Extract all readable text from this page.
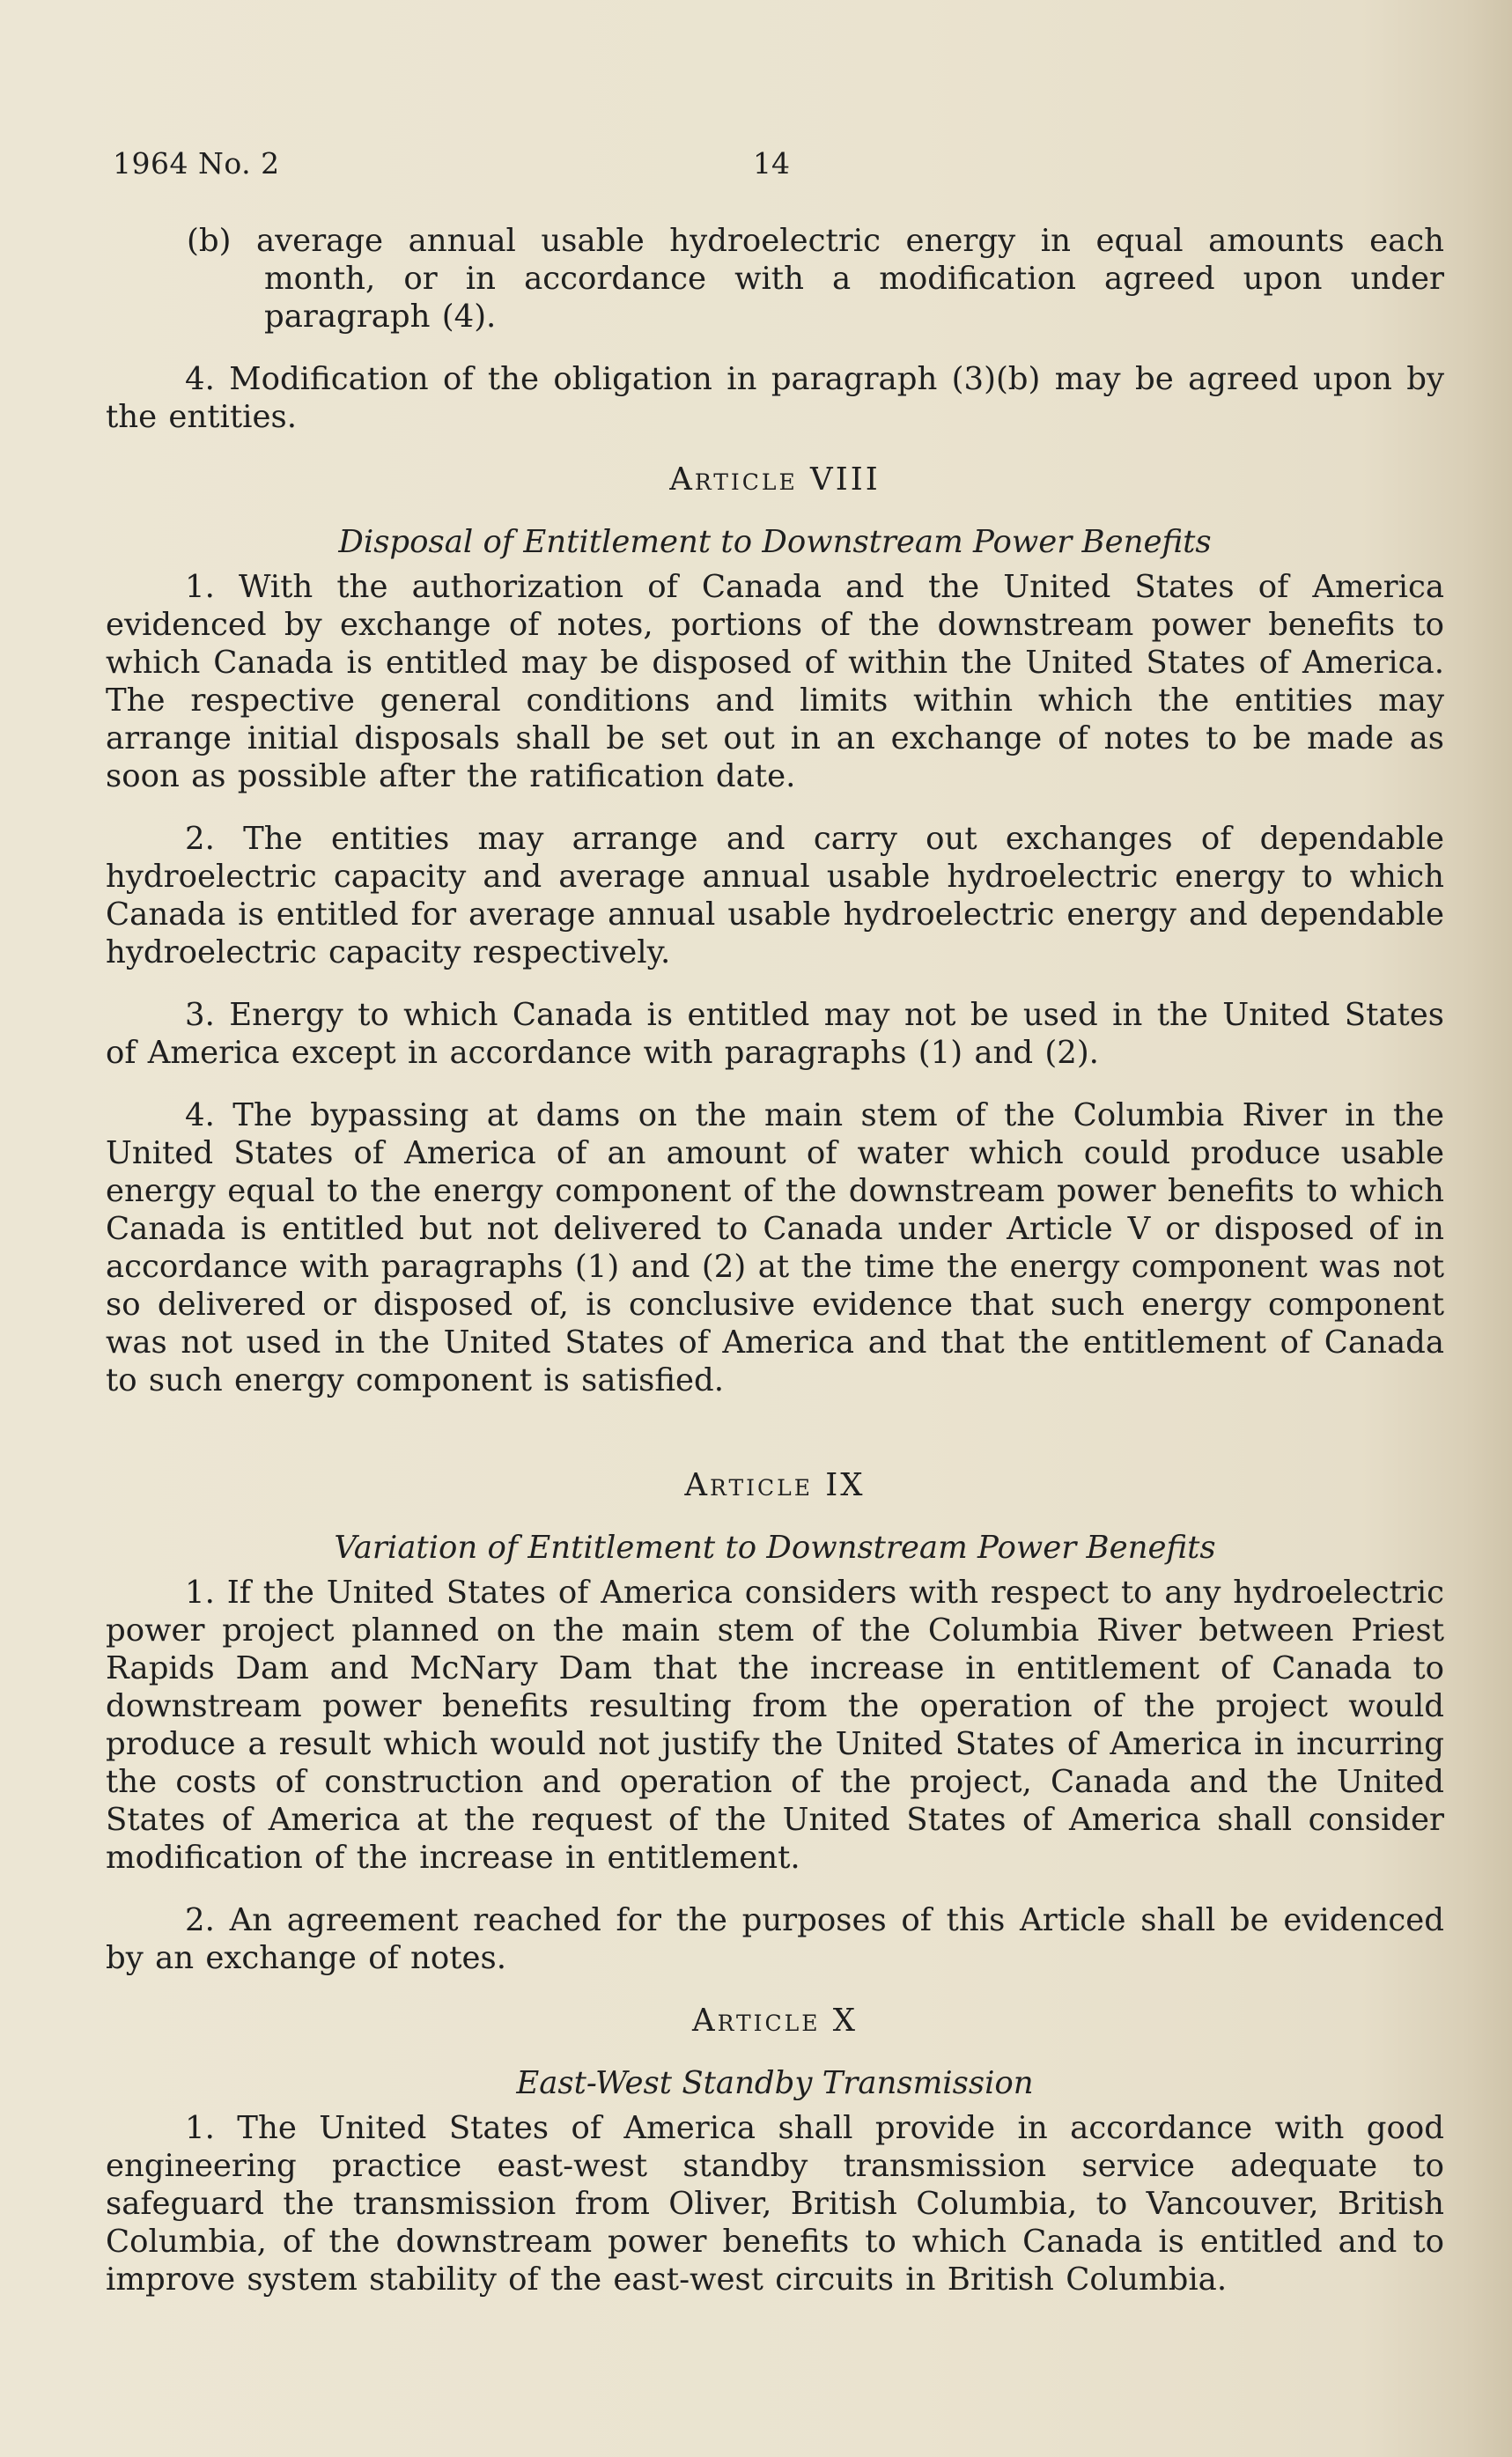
1964 No. 2	14

(b) average annual usable hydroelectric energy in equal amounts each month, or in accordance with a modification agreed upon under paragraph (4).

4. Modification of the obligation in paragraph (3)(b) may be agreed upon by the entities.

Article VIII
Disposal of Entitlement to Downstream Power Benefits

1. With the authorization of Canada and the United States of America evidenced by exchange of notes, portions of the downstream power benefits to which Canada is entitled may be disposed of within the United States of America. The respective general conditions and limits within which the entities may arrange initial disposals shall be set out in an exchange of notes to be made as soon as possible after the ratification date.

2. The entities may arrange and carry out exchanges of dependable hydroelectric capacity and average annual usable hydroelectric energy to which Canada is entitled for average annual usable hydroelectric energy and dependable hydroelectric capacity respectively.

3. Energy to which Canada is entitled may not be used in the United States of America except in accordance with paragraphs (1) and (2).

4. The bypassing at dams on the main stem of the Columbia River in the United States of America of an amount of water which could produce usable energy equal to the energy component of the downstream power benefits to which Canada is entitled but not delivered to Canada under Article V or disposed of in accordance with paragraphs (1) and (2) at the time the energy component was not so delivered or disposed of, is conclusive evidence that such energy component was not used in the United States of America and that the entitlement of Canada to such energy component is satisfied.

Article IX
Variation of Entitlement to Downstream Power Benefits

1. If the United States of America considers with respect to any hydroelectric power project planned on the main stem of the Columbia River between Priest Rapids Dam and McNary Dam that the increase in entitlement of Canada to downstream power benefits resulting from the operation of the project would produce a result which would not justify the United States of America in incurring the costs of construction and operation of the project, Canada and the United States of America at the request of the United States of America shall consider modification of the increase in entitlement.

2. An agreement reached for the purposes of this Article shall be evidenced by an exchange of notes.

Article X
East-West Standby Transmission

1. The United States of America shall provide in accordance with good engineering practice east-west standby transmission service adequate to safeguard the transmission from Oliver, British Columbia, to Vancouver, British Columbia, of the downstream power benefits to which Canada is entitled and to improve system stability of the east-west circuits in British Columbia.
